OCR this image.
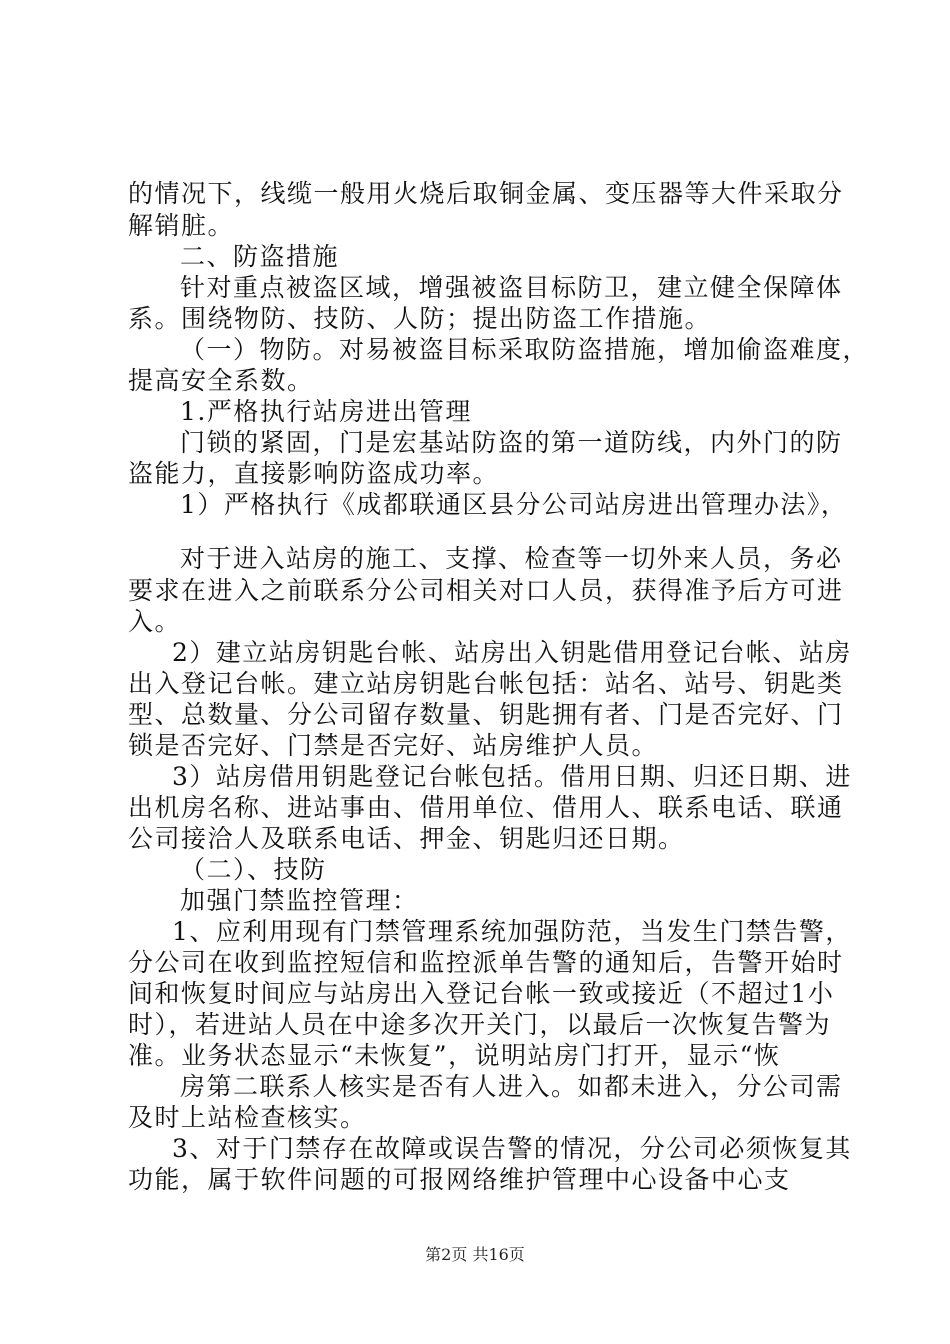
的情况下，线缆一般用火烧后取铜金属、变压器等大件采取分
解销脏。
二、防盗措施
针对重点被盗区域，增强被盗目标防卫，建立健全保障体
系。围绕物防、技防、人防；提出防盗工作措施。
（一）物防。对易被盗目标采取防盗措施，增加偷盗难度，
提高安全系数。
1.严格执行站房进出管理
门锁的紧固，门是宏基站防盗的第一道防线，内外门的防
盗能力，直接影响防盗成功率。
1）严格执行《成都联通区县分公司站房进出管理办法》，
对于进入站房的施工、支撑、检查等一切外来人员，务必
要求在进入之前联系分公司相关对口人员，获得准予后方可进
入。
2）建立站房钥匙台帐、站房出入钥匙借用登记台帐、站房
出入登记台帐。建立站房钥匙台帐包括：站名、站号、钥匙类
型、总数量、分公司留存数量、钥匙拥有者、门是否完好、门
锁是否完好、门禁是否完好、站房维护人员。
3）站房借用钥匙登记台帐包括。借用日期、归还日期、进
出机房名称、进站事由、借用单位、借用人、联系电话、联通
公司接洽人及联系电话、押金、钥匙归还日期。
（二）、技防
加强门禁监控管理：
1、应利用现有门禁管理系统加强防范，当发生门禁告警，
分公司在收到监控短信和监控派单告警的通知后，告警开始时
间和恢复时间应与站房出入登记台帐一致或接近（不超过1小
时），若进站人员在中途多次开关门，以最后一次恢复告警为
准。业务状态显示“未恢复”，说明站房门打开，显示“恢
房第二联系人核实是否有人进入。如都未进入，分公司需
及时上站检查核实。
3、对于门禁存在故障或误告警的情况，分公司必须恢复其
功能，属于软件问题的可报网络维护管理中心设备中心支
第2页 共16页
